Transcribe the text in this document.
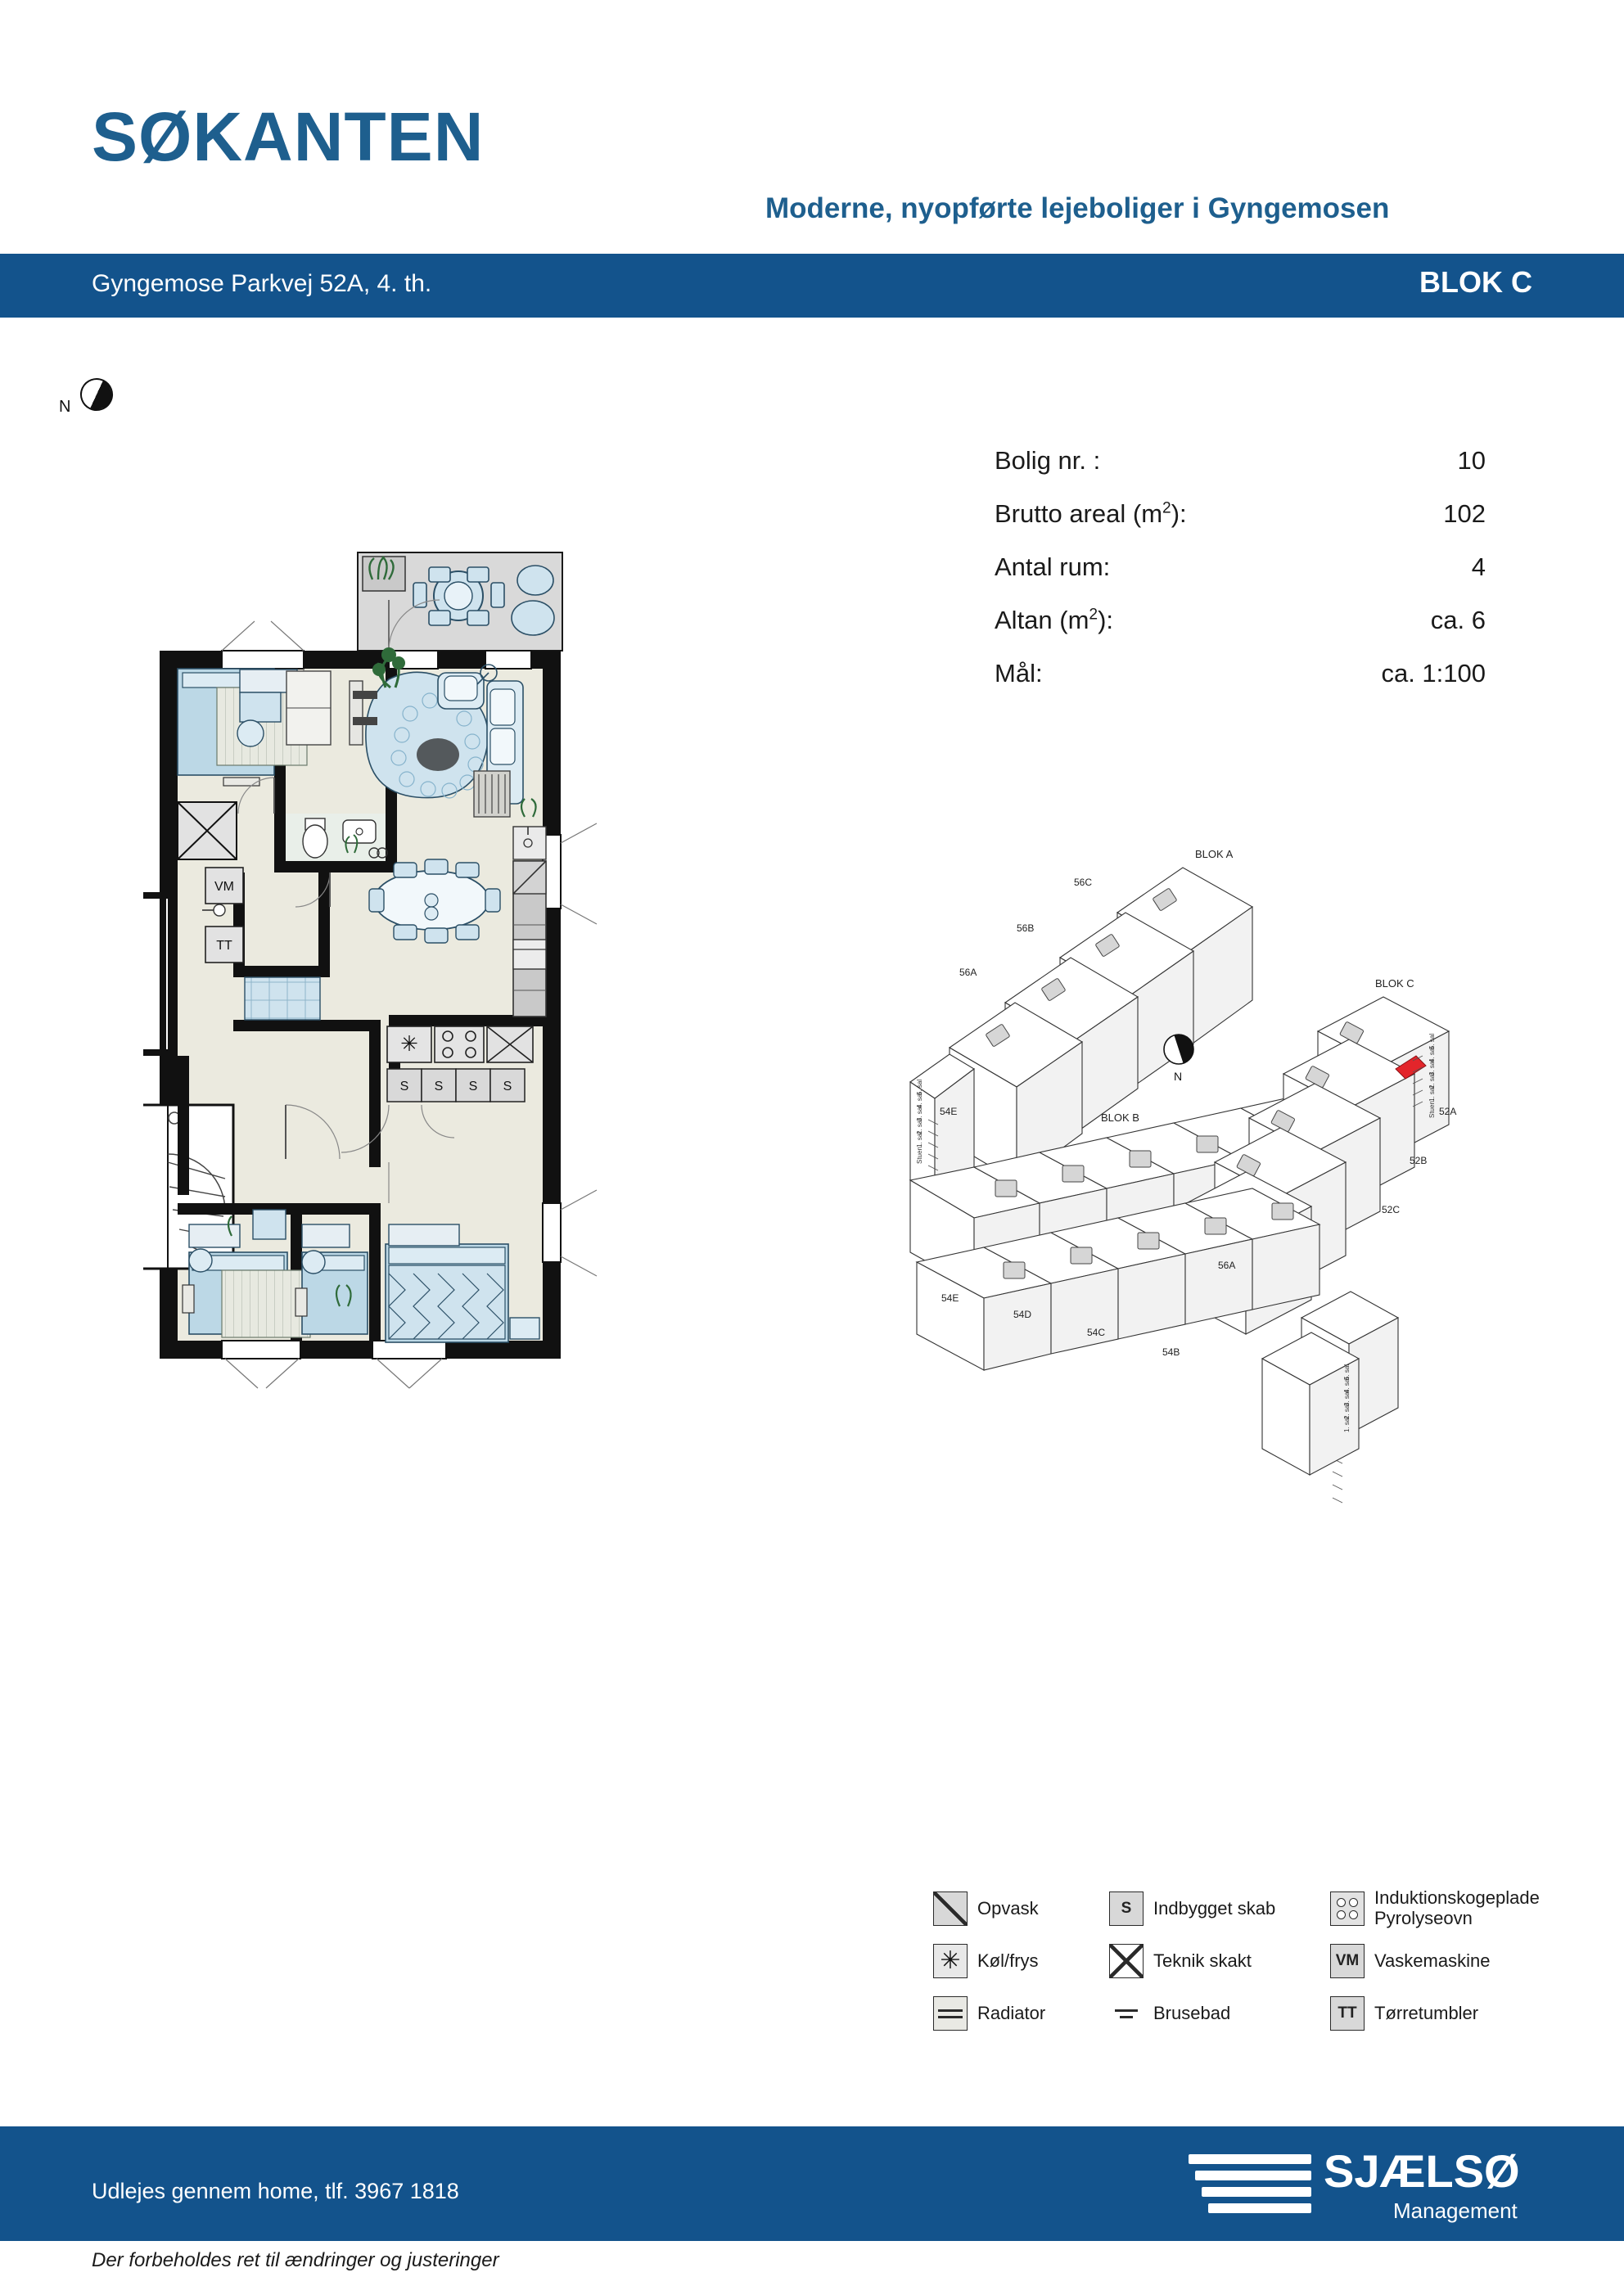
SØKANTEN
Moderne, nyopførte lejeboliger i Gyngemosen
Gyngemose Parkvej 52A, 4. th.	BLOK C
N
Bolig nr. :	10
Brutto areal $(m^2)$:	102
Antal rum:	4
Altan $(m^2)$:	ca. 6
Mål:	ca. 1:100
VM
TT
✳
S S S S
BLOK A
BLOK B
BLOK C
56C
56B
56A
54E
54E
54D
54C
54B
56A
52A
52B
52C
5. sal
4. sal
3. sal
2. sal
1. sal
Stuen
5. sal
4. sal
3. sal
2. sal
1. sal
Stuen
5. sal
4. sal
3. sal
2. sal
1. sal
N
Opvask	S	Indbygget skab	Induktionskogeplade
Pyrolyseovn
✳ Køl/frys	Teknik skakt	VM Vaskemaskine
Radiator	Brusebad	TT Tørretumbler
Udlejes gennem home, tlf. 3967 1818
Der forbeholdes ret til ændringer og justeringer
SJÆLSØ
Management
